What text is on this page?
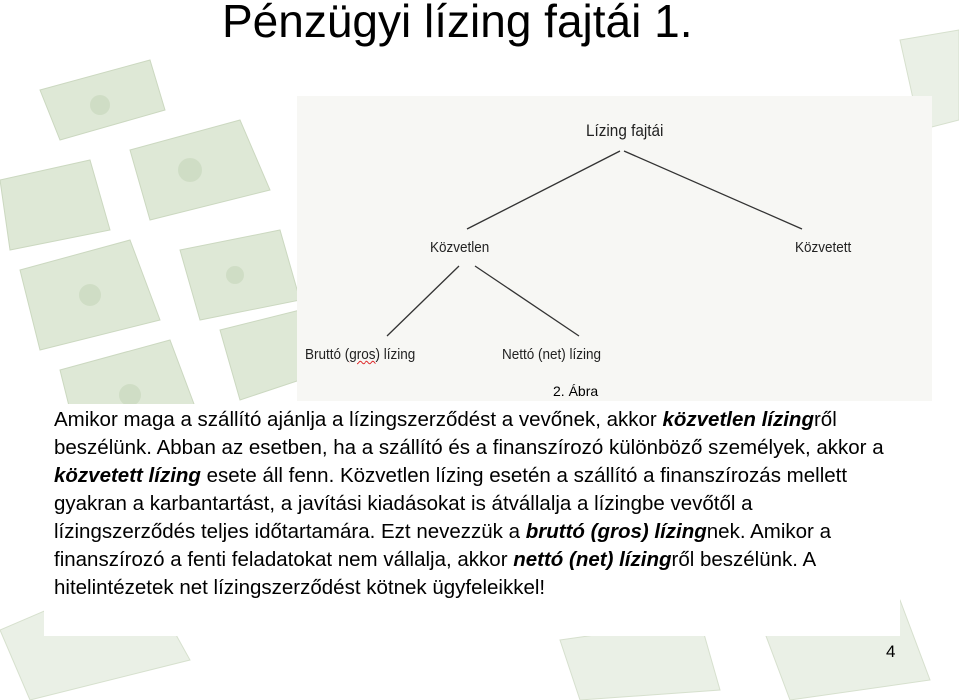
Pénzügyi lízing fajtái 1.
Lízing fajtái
Közvetlen	Közvetett
Bruttó (gros) lízing	Nettó (net) lízing
2. Ábra

Amikor maga a szállító ajánlja a lízingszerződést a vevőnek, akkor közvetlen lízingről beszélünk. Abban az esetben, ha a szállító és a finanszírozó különböző személyek, akkor a közvetett lízing esete áll fenn. Közvetlen lízing esetén a szállító a finanszírozás mellett gyakran a karbantartást, a javítási kiadásokat is átvállalja a lízingbe vevőtől a lízingszerződés teljes időtartamára. Ezt nevezzük a bruttó (gros) lízingnek. Amikor a finanszírozó a fenti feladatokat nem vállalja, akkor nettó (net) lízingről beszélünk. A hitelintézetek net lízingszerződést kötnek ügyfeleikkel!

4
